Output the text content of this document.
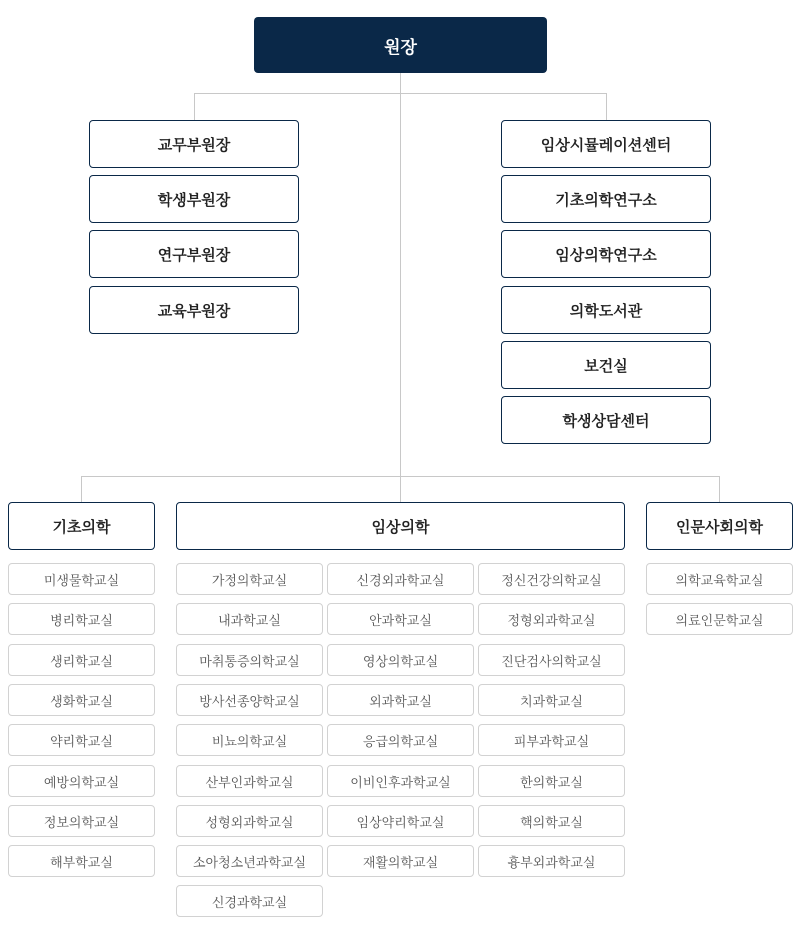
원장
교무부원장
학생부원장
연구부원장
교육부원장
임상시뮬레이션센터
기초의학연구소
임상의학연구소
의학도서관
보건실
학생상담센터
기초의학	임상의학	인문사회의학
미생물학교실
병리학교실
생리학교실
생화학교실
약리학교실
예방의학교실
정보의학교실
해부학교실
가정의학교실
내과학교실
마취통증의학교실
방사선종양학교실
비뇨의학교실
산부인과학교실
성형외과학교실
소아청소년과학교실
신경과학교실
신경외과학교실
안과학교실
영상의학교실
외과학교실
응급의학교실
이비인후과학교실
임상약리학교실
재활의학교실
정신건강의학교실
정형외과학교실
진단검사의학교실
치과학교실
피부과학교실
한의학교실
핵의학교실
흉부외과학교실
의학교육학교실
의료인문학교실
